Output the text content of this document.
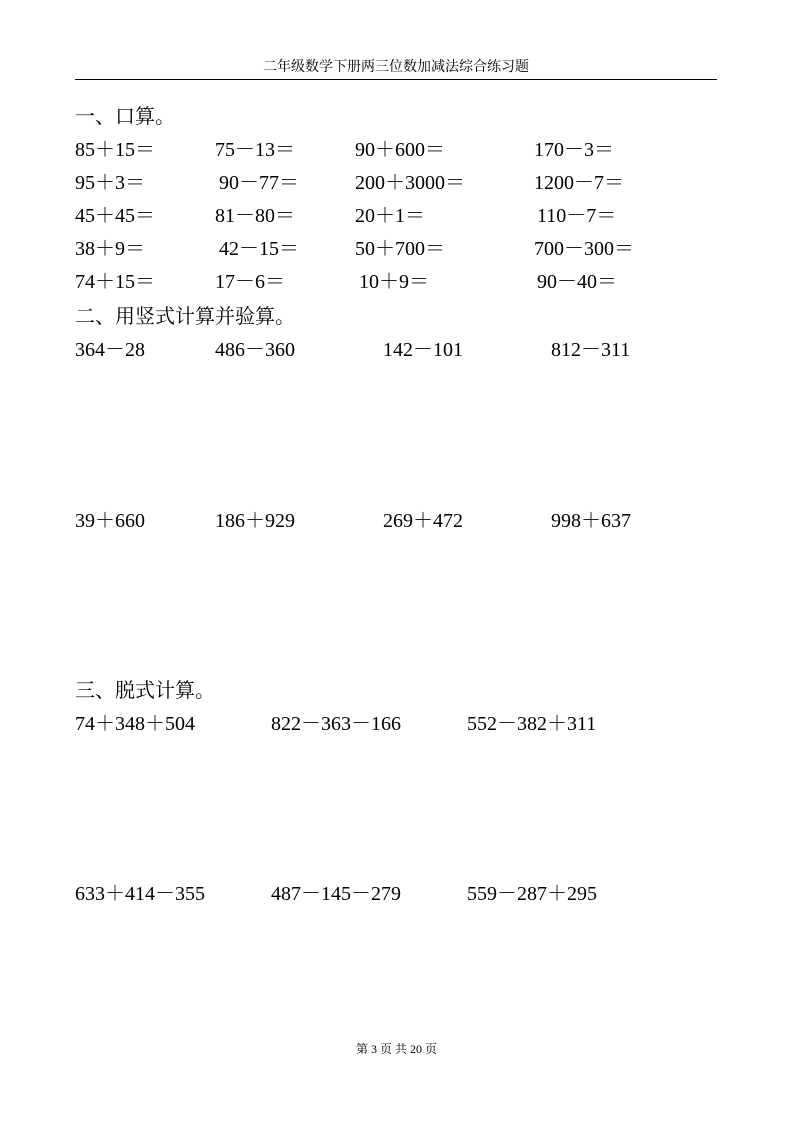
二年级数学下册两三位数加减法综合练习题
一、口算。
85＋15＝	75－13＝	90＋600＝	170－3＝
95＋3＝	90－77＝	200＋3000＝	1200－7＝
45＋45＝	81－80＝	20＋1＝	110－7＝
38＋9＝	42－15＝	50＋700＝	700－300＝
74＋15＝	17－6＝	10＋9＝	90－40＝
二、用竖式计算并验算。
364－28	486－360	142－101	812－311
39＋660	186＋929	269＋472	998＋637
三、脱式计算。
74＋348＋504	822－363－166	552－382＋311
633＋414－355	487－145－279	559－287＋295
第 3 页 共 20 页
